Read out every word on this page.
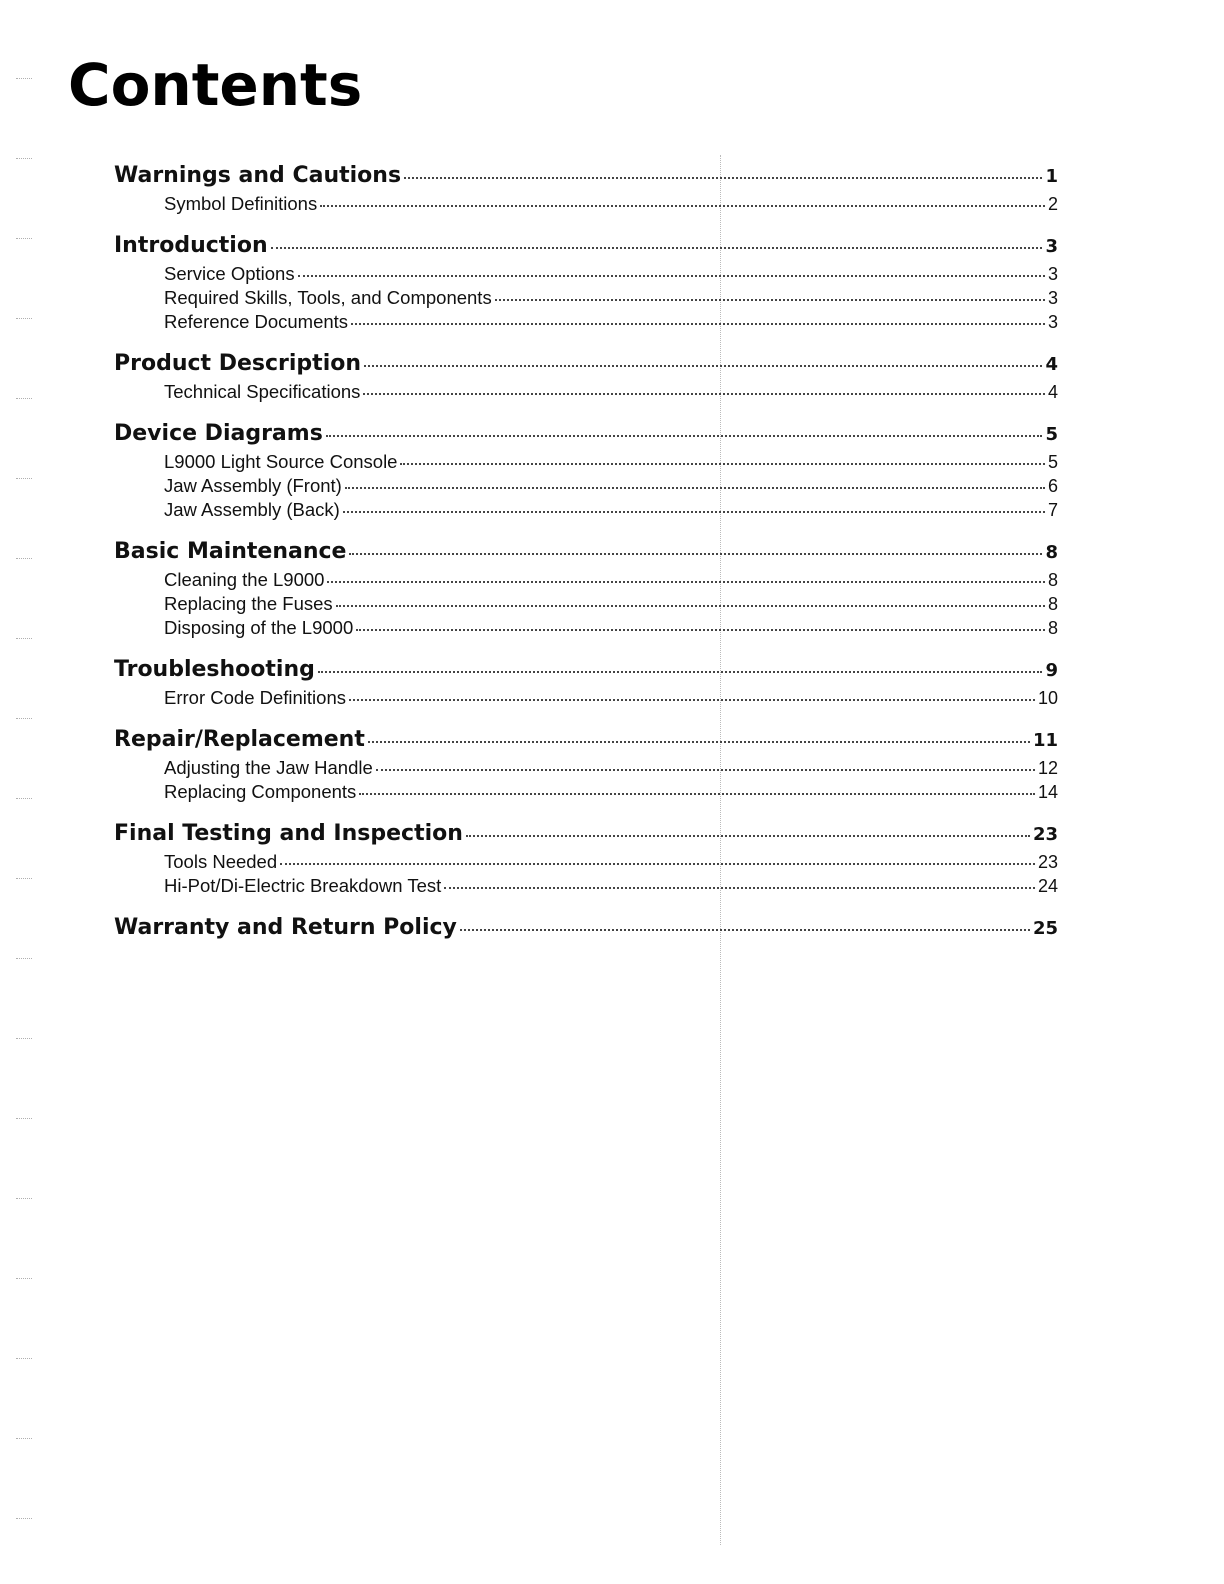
Contents
Warnings and Cautions	1
Symbol Definitions	2
Introduction	3
Service Options	3
Required Skills, Tools, and Components	3
Reference Documents	3
Product Description	4
Technical Specifications	4
Device Diagrams	5
L9000 Light Source Console	5
Jaw Assembly (Front)	6
Jaw Assembly (Back)	7
Basic Maintenance	8
Cleaning the L9000	8
Replacing the Fuses	8
Disposing of the L9000	8
Troubleshooting	9
Error Code Definitions	10
Repair/Replacement	11
Adjusting the Jaw Handle	12
Replacing Components	14
Final Testing and Inspection	23
Tools Needed	23
Hi-Pot/Di-Electric Breakdown Test	24
Warranty and Return Policy	25
